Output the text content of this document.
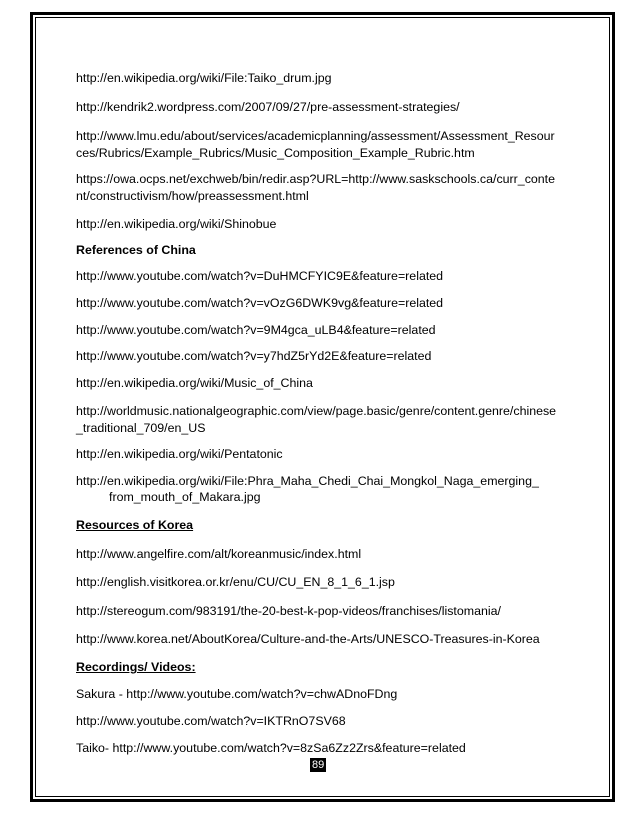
http://en.wikipedia.org/wiki/File:Taiko_drum.jpg
http://kendrik2.wordpress.com/2007/09/27/pre-assessment-strategies/
http://www.lmu.edu/about/services/academicplanning/assessment/Assessment_Resour
ces/Rubrics/Example_Rubrics/Music_Composition_Example_Rubric.htm
https://owa.ocps.net/exchweb/bin/redir.asp?URL=http://www.saskschools.ca/curr_conte
nt/constructivism/how/preassessment.html
http://en.wikipedia.org/wiki/Shinobue
References of China
http://www.youtube.com/watch?v=DuHMCFYIC9E&feature=related
http://www.youtube.com/watch?v=vOzG6DWK9vg&feature=related
http://www.youtube.com/watch?v=9M4gca_uLB4&feature=related
http://www.youtube.com/watch?v=y7hdZ5rYd2E&feature=related
http://en.wikipedia.org/wiki/Music_of_China
http://worldmusic.nationalgeographic.com/view/page.basic/genre/content.genre/chinese
_traditional_709/en_US
http://en.wikipedia.org/wiki/Pentatonic
http://en.wikipedia.org/wiki/File:Phra_Maha_Chedi_Chai_Mongkol_Naga_emerging_
from_mouth_of_Makara.jpg
Resources of Korea
http://www.angelfire.com/alt/koreanmusic/index.html
http://english.visitkorea.or.kr/enu/CU/CU_EN_8_1_6_1.jsp
http://stereogum.com/983191/the-20-best-k-pop-videos/franchises/listomania/
http://www.korea.net/AboutKorea/Culture-and-the-Arts/UNESCO-Treasures-in-Korea
Recordings/ Videos:
Sakura - http://www.youtube.com/watch?v=chwADnoFDng
http://www.youtube.com/watch?v=IKTRnO7SV68
Taiko- http://www.youtube.com/watch?v=8zSa6Zz2Zrs&feature=related
89
